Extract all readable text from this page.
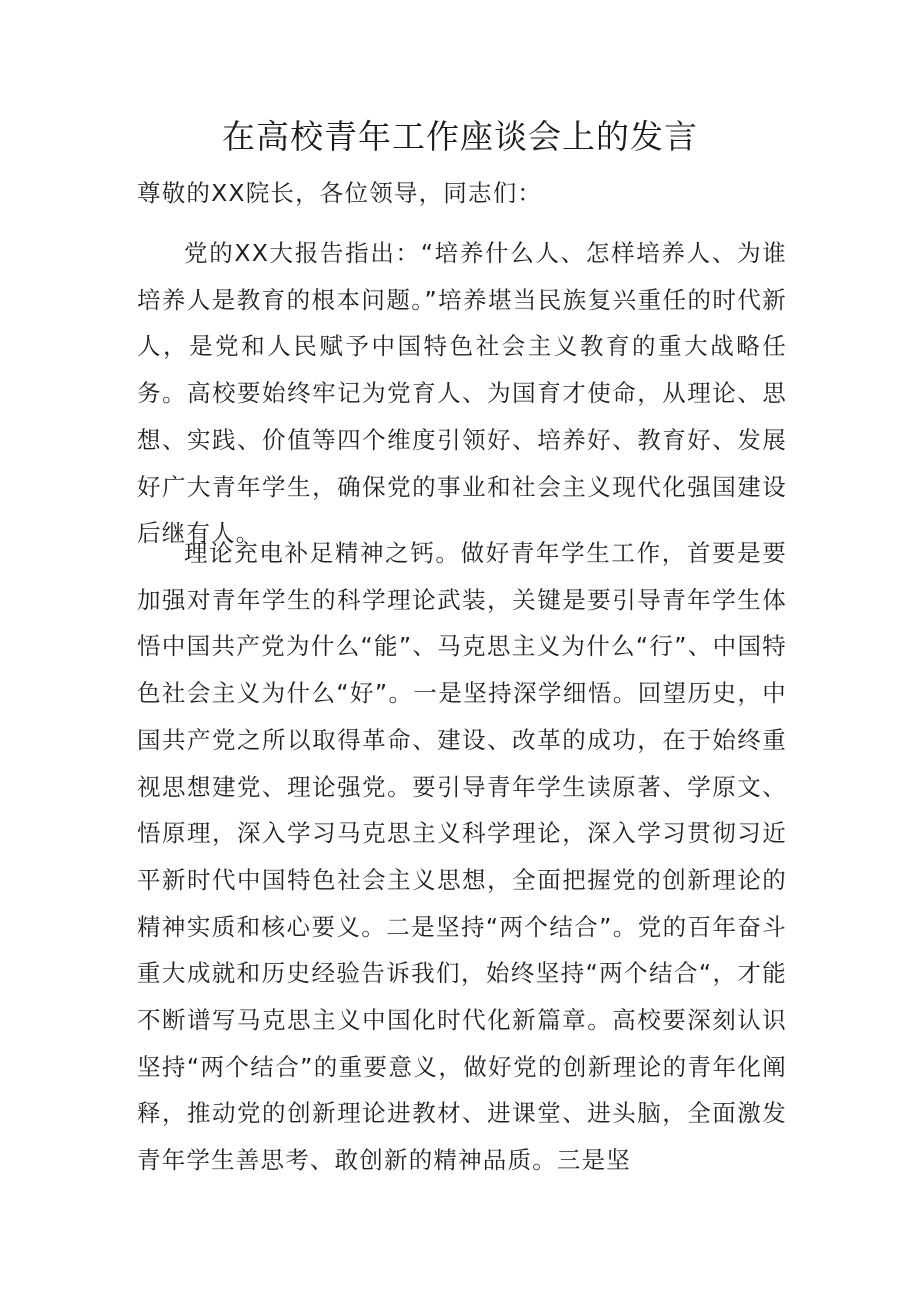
在高校青年工作座谈会上的发言

尊敬的XX院长，各位领导，同志们：

党的XX大报告指出：“培养什么人、怎样培养人、为谁培养人是教育的根本问题。”培养堪当民族复兴重任的时代新人，是党和人民赋予中国特色社会主义教育的重大战略任务。高校要始终牢记为党育人、为国育才使命，从理论、思想、实践、价值等四个维度引领好、培养好、教育好、发展好广大青年学生，确保党的事业和社会主义现代化强国建设后继有人。

理论充电补足精神之钙。做好青年学生工作，首要是要加强对青年学生的科学理论武装，关键是要引导青年学生体悟中国共产党为什么“能”、马克思主义为什么“行”、中国特色社会主义为什么“好”。一是坚持深学细悟。回望历史，中国共产党之所以取得革命、建设、改革的成功，在于始终重视思想建党、理论强党。要引导青年学生读原著、学原文、悟原理，深入学习马克思主义科学理论，深入学习贯彻习近平新时代中国特色社会主义思想，全面把握党的创新理论的精神实质和核心要义。二是坚持“两个结合”。党的百年奋斗重大成就和历史经验告诉我们，始终坚持“两个结合“，才能不断谱写马克思主义中国化时代化新篇章。高校要深刻认识坚持“两个结合”的重要意义，做好党的创新理论的青年化阐释，推动党的创新理论进教材、进课堂、进头脑，全面激发青年学生善思考、敢创新的精神品质。三是坚
